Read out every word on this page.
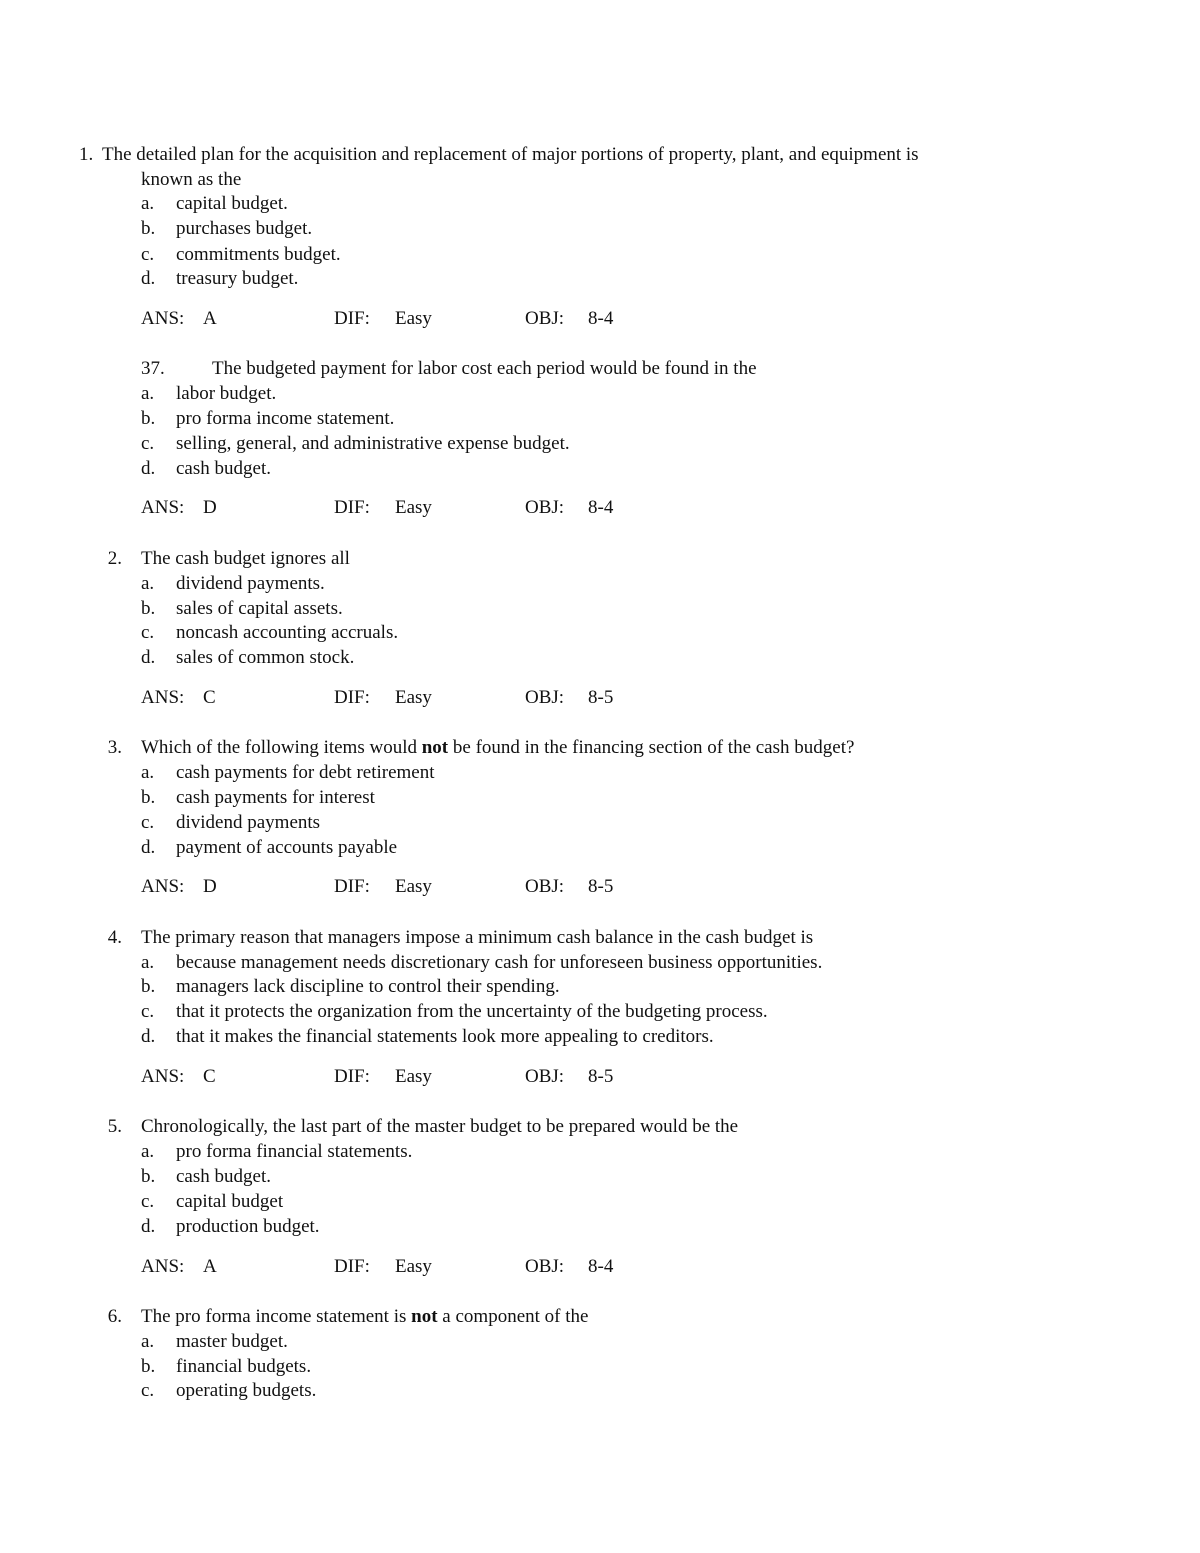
1. The detailed plan for the acquisition and replacement of major portions of property, plant, and equipment is
known as the
a. capital budget.
b. purchases budget.
c. commitments budget.
d. treasury budget.
ANS: A	DIF: Easy	OBJ: 8-4
37. The budgeted payment for labor cost each period would be found in the
a. labor budget.
b. pro forma income statement.
c. selling, general, and administrative expense budget.
d. cash budget.
ANS: D	DIF: Easy	OBJ: 8-4
2. The cash budget ignores all
a. dividend payments.
b. sales of capital assets.
c. noncash accounting accruals.
d. sales of common stock.
ANS: C	DIF: Easy	OBJ: 8-5
3. Which of the following items would not be found in the financing section of the cash budget?
a. cash payments for debt retirement
b. cash payments for interest
c. dividend payments
d. payment of accounts payable
ANS: D	DIF: Easy	OBJ: 8-5
4. The primary reason that managers impose a minimum cash balance in the cash budget is
a. because management needs discretionary cash for unforeseen business opportunities.
b. managers lack discipline to control their spending.
c. that it protects the organization from the uncertainty of the budgeting process.
d. that it makes the financial statements look more appealing to creditors.
ANS: C	DIF: Easy	OBJ: 8-5
5. Chronologically, the last part of the master budget to be prepared would be the
a. pro forma financial statements.
b. cash budget.
c. capital budget
d. production budget.
ANS: A	DIF: Easy	OBJ: 8-4
6. The pro forma income statement is not a component of the
a. master budget.
b. financial budgets.
c. operating budgets.
